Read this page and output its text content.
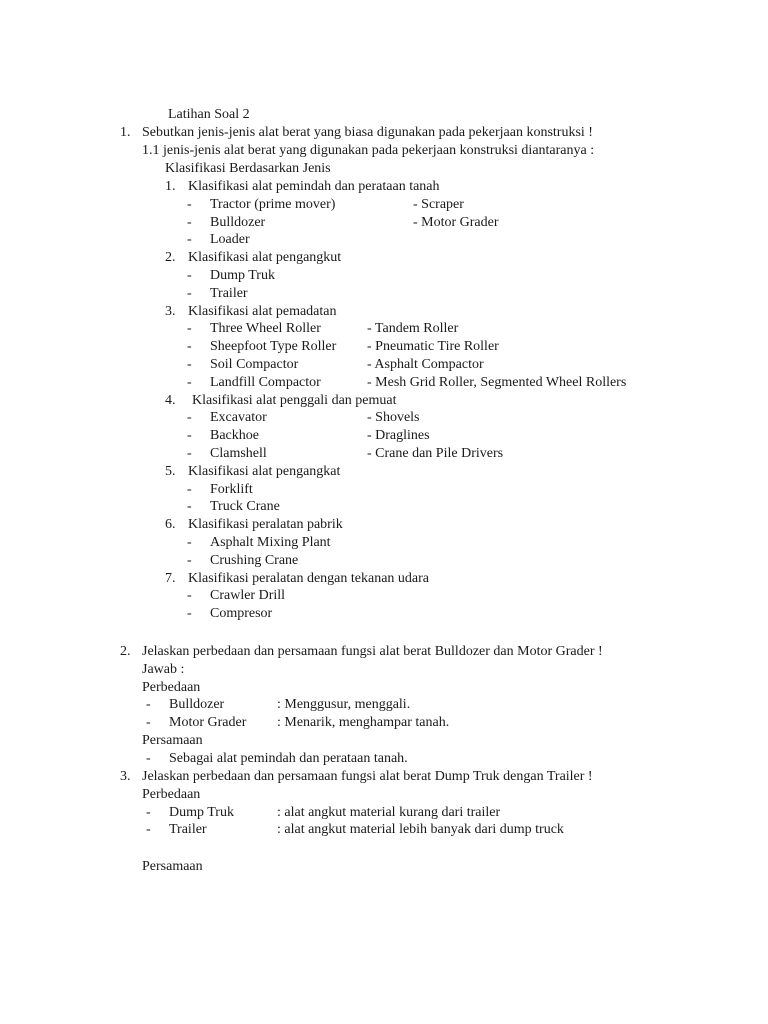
Latihan Soal 2
1. Sebutkan jenis-jenis alat berat yang biasa digunakan pada pekerjaan konstruksi !
1.1 jenis-jenis alat berat yang digunakan pada pekerjaan konstruksi diantaranya :
Klasifikasi Berdasarkan Jenis
1. Klasifikasi alat pemindah dan perataan tanah
- Tractor (prime mover)	- Scraper
- Bulldozer	- Motor Grader
- Loader
2. Klasifikasi alat pengangkut
- Dump Truk
- Trailer
3. Klasifikasi alat pemadatan
- Three Wheel Roller	- Tandem Roller
- Sheepfoot Type Roller - Pneumatic Tire Roller
- Soil Compactor	- Asphalt Compactor
- Landfill Compactor	- Mesh Grid Roller, Segmented Wheel Rollers
4. Klasifikasi alat penggali dan pemuat
- Excavator	- Shovels
- Backhoe	- Draglines
- Clamshell	- Crane dan Pile Drivers
5. Klasifikasi alat pengangkat
- Forklift
- Truck Crane
6. Klasifikasi peralatan pabrik
- Asphalt Mixing Plant
- Crushing Crane
7. Klasifikasi peralatan dengan tekanan udara
- Crawler Drill
- Compresor
2. Jelaskan perbedaan dan persamaan fungsi alat berat Bulldozer dan Motor Grader !
Jawab :
Perbedaan
- Bulldozer	: Menggusur, menggali.
- Motor Grader : Menarik, menghampar tanah.
Persamaan
- Sebagai alat pemindah dan perataan tanah.
3. Jelaskan perbedaan dan persamaan fungsi alat berat Dump Truk dengan Trailer !
Perbedaan
- Dump Truk	: alat angkut material kurang dari trailer
- Trailer	: alat angkut material lebih banyak dari dump truck
Persamaan
